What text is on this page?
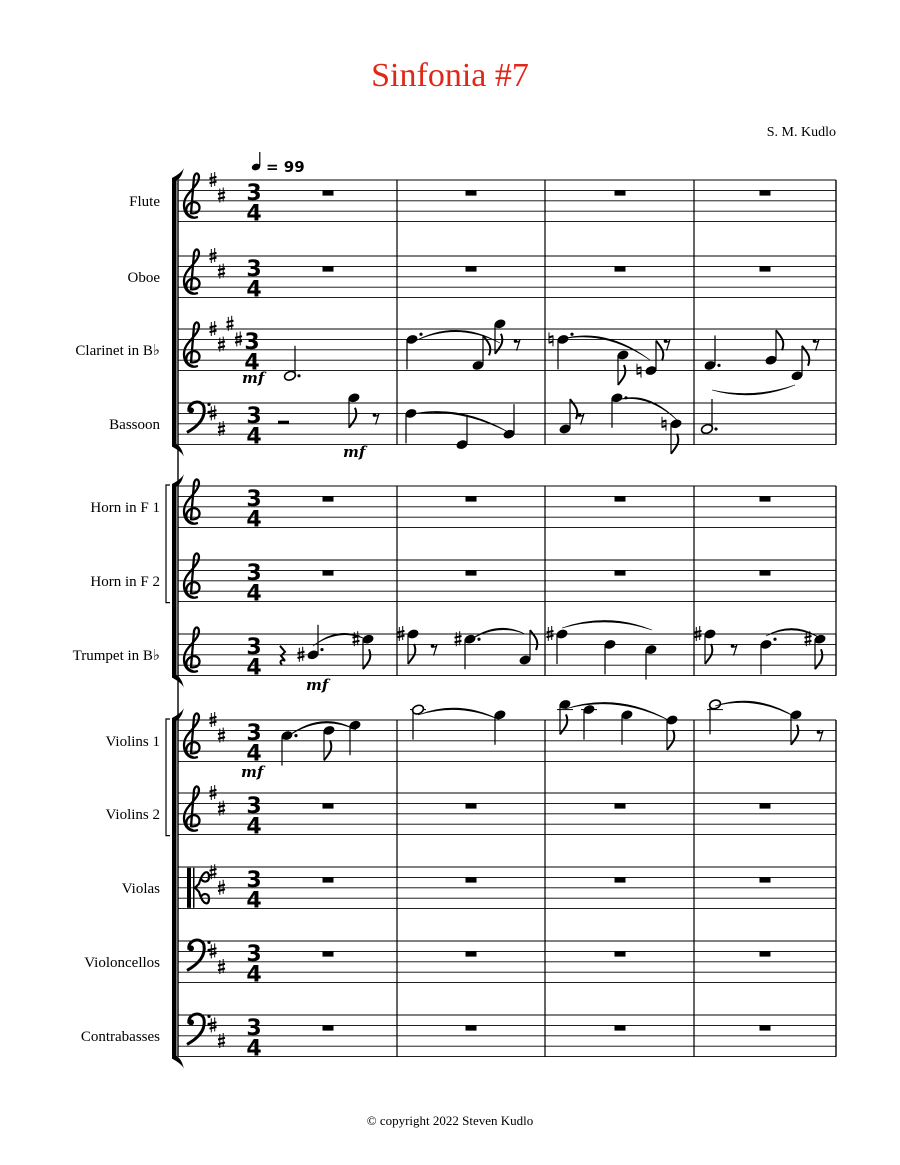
Sinfonia #7
S. M. Kudlo
= 99
3
4
3
4
3
4
3
4
3
4
3
4
3
4
3
4
3
4
3
4
3
4
3
4
Flute
Oboe
Clarinet in B♭
Bassoon
Horn in F 1
Horn in F 2
Trumpet in B♭
Violins 1
Violins 2
Violas
Violoncellos
Contrabasses
mf
mf
mf
mf
© copyright 2022 Steven Kudlo
